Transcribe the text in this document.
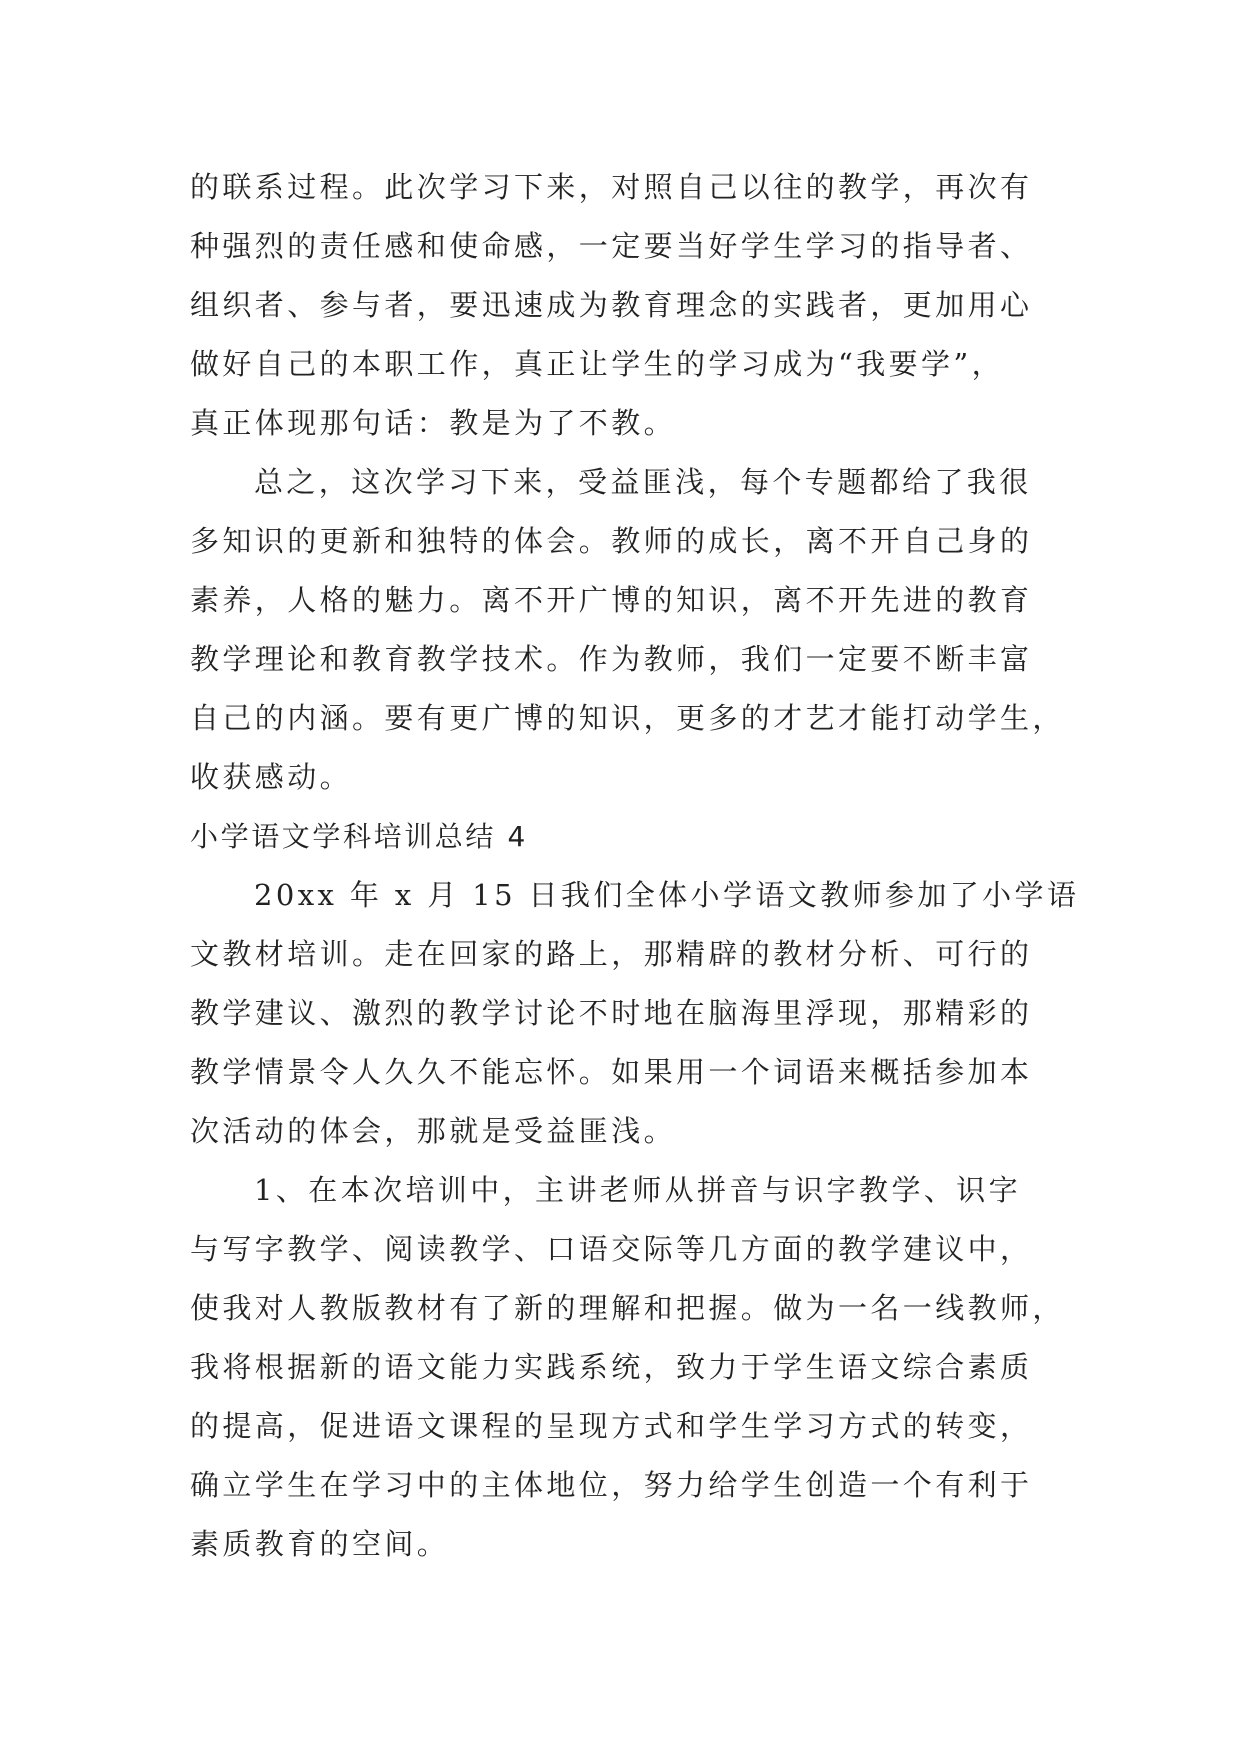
的联系过程。此次学习下来，对照自己以往的教学，再次有
种强烈的责任感和使命感，一定要当好学生学习的指导者、
组织者、参与者，要迅速成为教育理念的实践者，更加用心
做好自己的本职工作，真正让学生的学习成为“我要学”，
真正体现那句话：教是为了不教。
总之，这次学习下来，受益匪浅，每个专题都给了我很
多知识的更新和独特的体会。教师的成长，离不开自己身的
素养，人格的魅力。离不开广博的知识，离不开先进的教育
教学理论和教育教学技术。作为教师，我们一定要不断丰富
自己的内涵。要有更广博的知识，更多的才艺才能打动学生，
收获感动。
小学语文学科培训总结 4
20xx 年 x 月 15 日我们全体小学语文教师参加了小学语
文教材培训。走在回家的路上，那精辟的教材分析、可行的
教学建议、激烈的教学讨论不时地在脑海里浮现，那精彩的
教学情景令人久久不能忘怀。如果用一个词语来概括参加本
次活动的体会，那就是受益匪浅。
1、在本次培训中，主讲老师从拼音与识字教学、识字
与写字教学、阅读教学、口语交际等几方面的教学建议中，
使我对人教版教材有了新的理解和把握。做为一名一线教师，
我将根据新的语文能力实践系统，致力于学生语文综合素质
的提高，促进语文课程的呈现方式和学生学习方式的转变，
确立学生在学习中的主体地位，努力给学生创造一个有利于
素质教育的空间。
